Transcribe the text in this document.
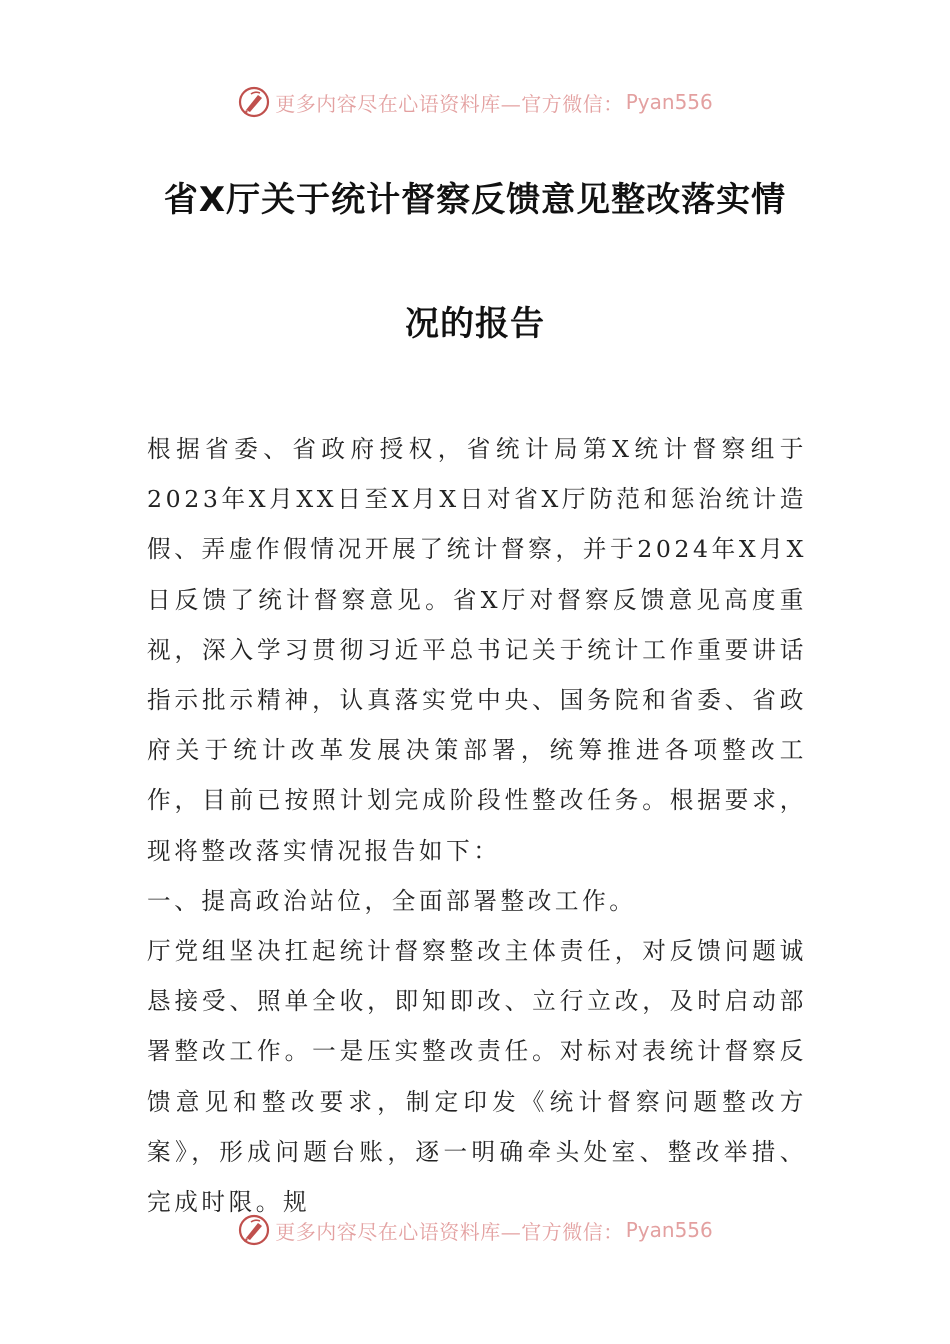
更多内容尽在心语资料库—官方微信： Pyan556
省X厅关于统计督察反馈意见整改落实情
况的报告

根据省委、省政府授权，省统计局第X统计督察组于2023年X月XX日至X月X日对省X厅防范和惩治统计造假、弄虚作假情况开展了统计督察，并于2024年X月X日反馈了统计督察意见。省X厅对督察反馈意见高度重视，深入学习贯彻习近平总书记关于统计工作重要讲话指示批示精神，认真落实党中央、国务院和省委、省政府关于统计改革发展决策部署，统筹推进各项整改工作，目前已按照计划完成阶段性整改任务。根据要求，现将整改落实情况报告如下：

一、提高政治站位，全面部署整改工作。

厅党组坚决扛起统计督察整改主体责任，对反馈问题诚恳接受、照单全收，即知即改、立行立改，及时启动部署整改工作。一是压实整改责任。对标对表统计督察反馈意见和整改要求，制定印发《统计督察问题整改方案》，形成问题台账，逐一明确牵头处室、整改举措、完成时限。规

更多内容尽在心语资料库—官方微信： Pyan556
